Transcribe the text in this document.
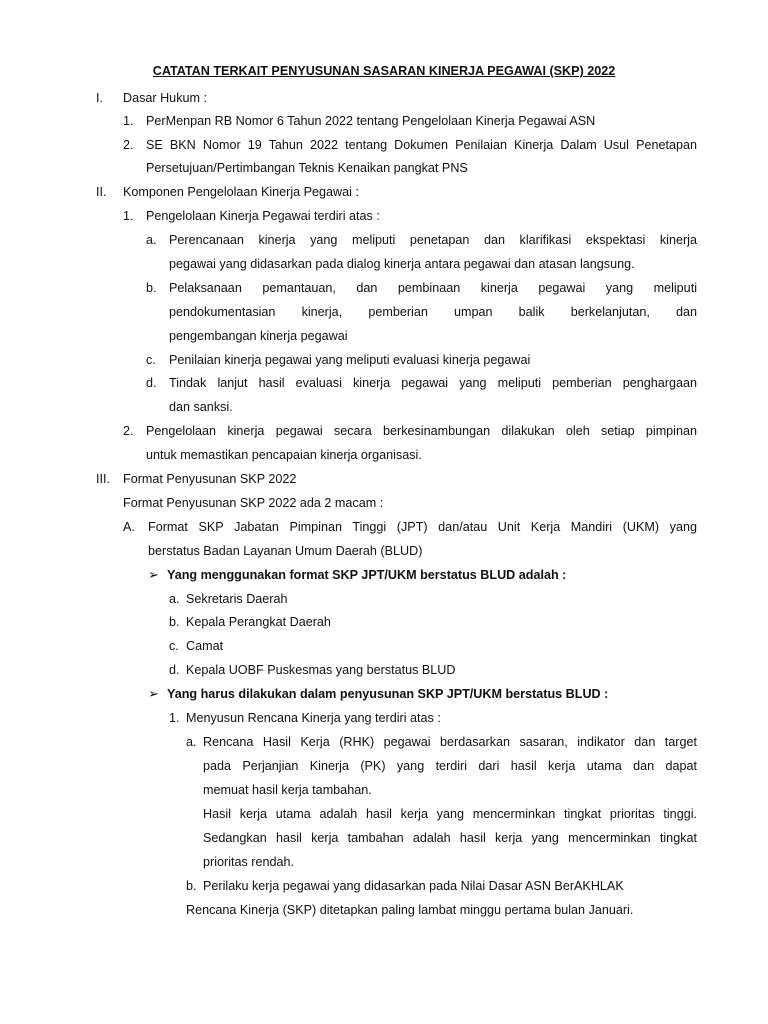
CATATAN TERKAIT PENYUSUNAN SASARAN KINERJA PEGAWAI (SKP) 2022
I. Dasar Hukum :
1. PerMenpan RB Nomor 6 Tahun 2022 tentang Pengelolaan Kinerja Pegawai ASN
2. SE BKN Nomor 19 Tahun 2022 tentang Dokumen Penilaian Kinerja Dalam Usul Penetapan
Persetujuan/Pertimbangan Teknis Kenaikan pangkat PNS
II. Komponen Pengelolaan Kinerja Pegawai :
1. Pengelolaan Kinerja Pegawai terdiri atas :
a. Perencanaan kinerja yang meliputi penetapan dan klarifikasi ekspektasi kinerja
pegawai yang didasarkan pada dialog kinerja antara pegawai dan atasan langsung.
b. Pelaksanaan pemantauan, dan pembinaan kinerja pegawai yang meliputi
pendokumentasian kinerja, pemberian umpan balik berkelanjutan, dan
pengembangan kinerja pegawai
c. Penilaian kinerja pegawai yang meliputi evaluasi kinerja pegawai
d. Tindak lanjut hasil evaluasi kinerja pegawai yang meliputi pemberian penghargaan
dan sanksi.
2. Pengelolaan kinerja pegawai secara berkesinambungan dilakukan oleh setiap pimpinan
untuk memastikan pencapaian kinerja organisasi.
III. Format Penyusunan SKP 2022
Format Penyusunan SKP 2022 ada 2 macam :
A. Format SKP Jabatan Pimpinan Tinggi (JPT) dan/atau Unit Kerja Mandiri (UKM) yang
berstatus Badan Layanan Umum Daerah (BLUD)
➢ Yang menggunakan format SKP JPT/UKM berstatus BLUD adalah :
a. Sekretaris Daerah
b. Kepala Perangkat Daerah
c. Camat
d. Kepala UOBF Puskesmas yang berstatus BLUD
➢ Yang harus dilakukan dalam penyusunan SKP JPT/UKM berstatus BLUD :
1. Menyusun Rencana Kinerja yang terdiri atas :
a. Rencana Hasil Kerja (RHK) pegawai berdasarkan sasaran, indikator dan target
pada Perjanjian Kinerja (PK) yang terdiri dari hasil kerja utama dan dapat
memuat hasil kerja tambahan.
Hasil kerja utama adalah hasil kerja yang mencerminkan tingkat prioritas tinggi.
Sedangkan hasil kerja tambahan adalah hasil kerja yang mencerminkan tingkat
prioritas rendah.
b. Perilaku kerja pegawai yang didasarkan pada Nilai Dasar ASN BerAKHLAK
Rencana Kinerja (SKP) ditetapkan paling lambat minggu pertama bulan Januari.
